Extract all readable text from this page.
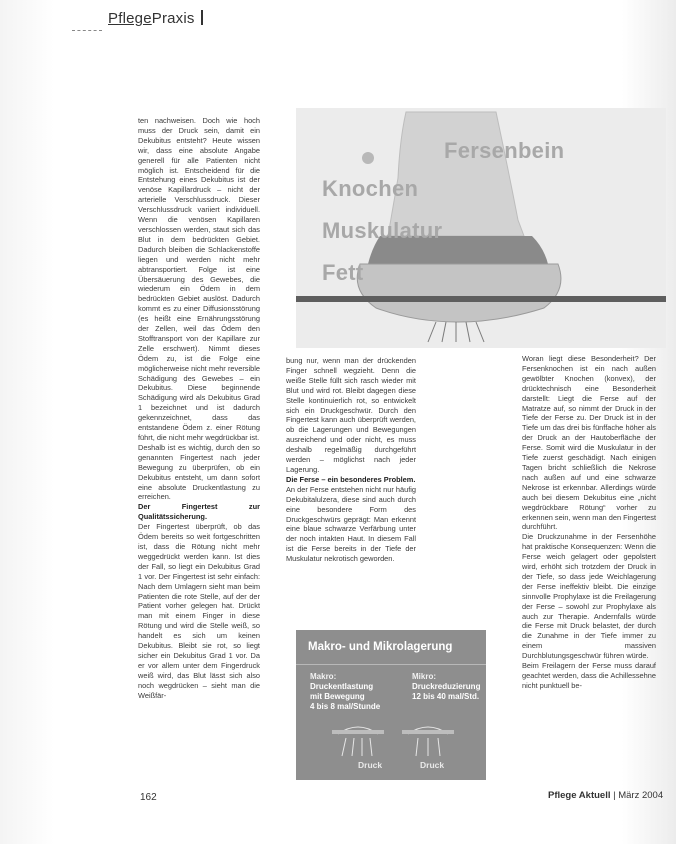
PflegePraxis

ten nachweisen. Doch wie hoch muss der Druck sein, damit ein Dekubitus entsteht? Heute wissen wir, dass eine absolute Angabe generell für alle Patienten nicht möglich ist. Entscheidend für die Entstehung eines Dekubitus ist der venöse Kapillardruck – nicht der arterielle Verschlussdruck. Dieser Verschlussdruck variiert individuell. Wenn die venösen Kapillaren verschlossen werden, staut sich das Blut in dem bedrückten Gebiet. Dadurch bleiben die Schlackenstoffe liegen und werden nicht mehr abtransportiert. Folge ist eine Übersäuerung des Gewebes, die wiederum ein Ödem in dem bedrückten Gebiet auslöst. Dadurch kommt es zu einer Diffusionsstörung (es heißt eine Ernährungsstörung der Zellen, weil das Ödem den Stofftransport von der Kapillare zur Zelle erschwert). Nimmt dieses Ödem zu, ist die Folge eine möglicherweise nicht mehr reversible Schädigung des Gewebes – ein Dekubitus. Diese beginnende Schädigung wird als Dekubitus Grad 1 bezeichnet und ist dadurch gekennzeichnet, dass das entstandene Ödem z. einer Rötung führt, die nicht mehr wegdrückbar ist.

Deshalb ist es wichtig, durch den so genannten Fingertest nach jeder Bewegung zu überprüfen, ob ein Dekubitus entsteht, um dann sofort eine absolute Druckentlastung zu erreichen.

Der Fingertest zur Qualitätssicherung.

Der Fingertest überprüft, ob das Ödem bereits so weit fortgeschritten ist, dass die Rötung nicht mehr weggedrückt werden kann. Ist dies der Fall, so liegt ein Dekubitus Grad 1 vor. Der Fingertest ist sehr einfach: Nach dem Umlagern sieht man beim Patienten die rote Stelle, auf der der Patient vorher gelegen hat. Drückt man mit einem Finger in diese Rötung und wird die Stelle weiß, so handelt es sich um keinen Dekubitus. Bleibt sie rot, so liegt sicher ein Dekubitus Grad 1 vor. Da er vor allem unter dem Fingerdruck weiß wird, das Blut lässt sich also noch wegdrücken – sieht man die Weißfär-

Fersenbein
Knochen
Muskulatur
Fett

bung nur, wenn man der drückenden Finger schnell wegzieht. Denn die weiße Stelle füllt sich rasch wieder mit Blut und wird rot. Bleibt dagegen diese Stelle kontinuierlich rot, so entwickelt sich ein Druckgeschwür. Durch den Fingertest kann auch überprüft werden, ob die Lagerungen und Bewegungen ausreichend und oder nicht, es muss deshalb regelmäßig durchgeführt werden – möglichst nach jeder Lagerung.

Die Ferse – ein besonderes Problem.

An der Ferse entstehen nicht nur häufig Dekubitalulzera, diese sind auch durch eine besondere Form des Druckgeschwürs geprägt: Man erkennt eine blaue schwarze Verfärbung unter der noch intakten Haut. In diesem Fall ist die Ferse bereits in der Tiefe der Muskulatur nekrotisch geworden.

Makro- und Mikrolagerung
Makro:
Druckentlastung
mit Bewegung
4 bis 8 mal/Stunde
Mikro:
Druckreduzierung
12 bis 40 mal/Std.
Druck	Druck

Woran liegt diese Besonderheit? Der Fersenknochen ist ein nach außen gewölbter Knochen (konvex), der drücktechnisch eine Besonderheit darstellt: Liegt die Ferse auf der Matratze auf, so nimmt der Druck in der Tiefe der Ferse zu. Der Druck ist in der Tiefe um das drei bis fünffache höher als der Druck an der Hautoberfläche der Ferse. Somit wird die Muskulatur in der Tiefe zuerst geschädigt. Nach einigen Tagen bricht schließlich die Nekrose nach außen auf und eine schwarze Nekrose ist erkennbar. Allerdings würde auch bei diesem Dekubitus eine „nicht wegdrückbare Rötung“ vorher zu erkennen sein, wenn man den Fingertest durchführt.

Die Druckzunahme in der Fersenhöhe hat praktische Konsequenzen: Wenn die Ferse weich gelagert oder gepolstert wird, erhöht sich trotzdem der Druck in der Tiefe, so dass jede Weichlagerung der Ferse ineffektiv bleibt. Die einzige sinnvolle Prophylaxe ist die Freilagerung der Ferse – sowohl zur Prophylaxe als auch zur Therapie. Andernfalls würde die Ferse mit Druck belastet, der durch die Zunahme in der Tiefe immer zu einem massiven Durchblutungsgeschwür führen würde.

Beim Freilagern der Ferse muss darauf geachtet werden, dass die Achillessehne nicht punktuell be-

162	Pflege Aktuell | März 2004
